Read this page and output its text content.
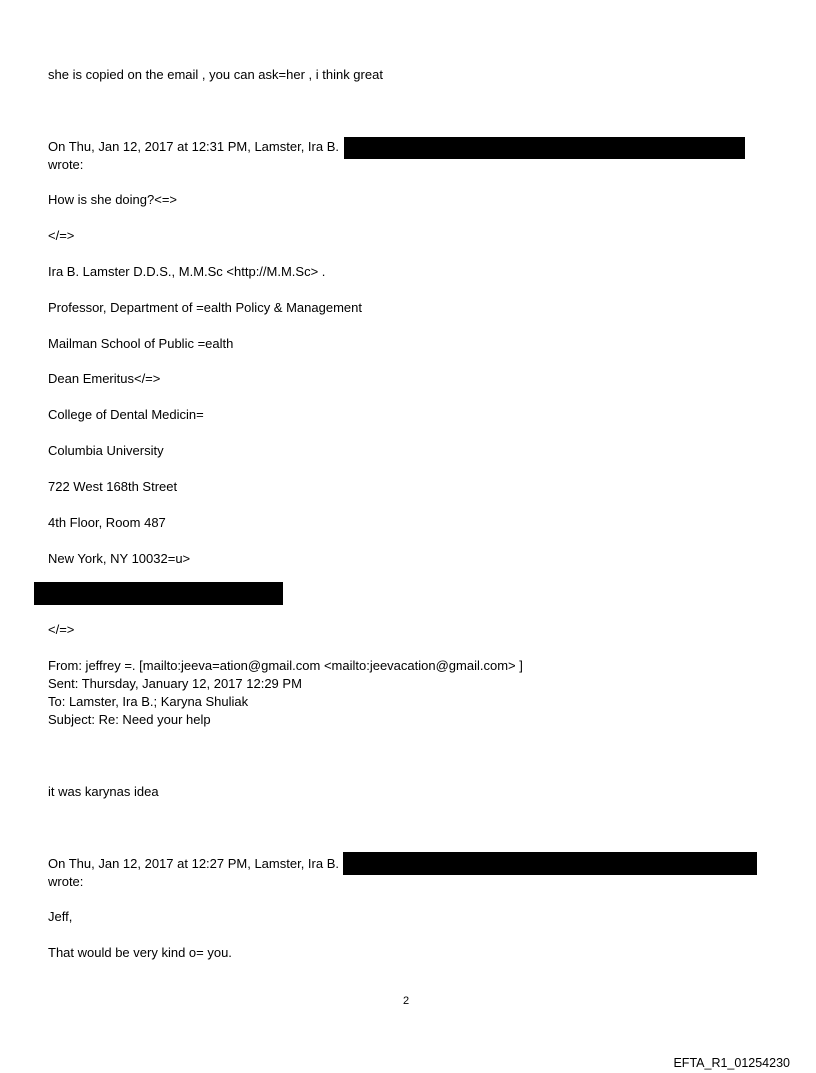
she is copied on the email , you can ask=her , i think great
On Thu, Jan 12, 2017 at 12:31 PM, Lamster, Ira B.
wrote:
How is she doing?<=>
</=>
Ira B. Lamster D.D.S., M.M.Sc <http://M.M.Sc> .
Professor, Department of =ealth Policy & Management
Mailman School of Public =ealth
Dean Emeritus</=>
College of Dental Medicin=
Columbia University
722 West 168th Street
4th Floor, Room 487
New York, NY 10032=u>
</=>
From: jeffrey =. [mailto:jeeva=ation@gmail.com <mailto:jeevacation@gmail.com> ]
Sent: Thursday, January 12, 2017 12:29 PM
To: Lamster, Ira B.; Karyna Shuliak
Subject: Re: Need your help
it was karynas idea
On Thu, Jan 12, 2017 at 12:27 PM, Lamster, Ira B.
wrote:
Jeff,
That would be very kind o= you.
2
EFTA_R1_01254230
